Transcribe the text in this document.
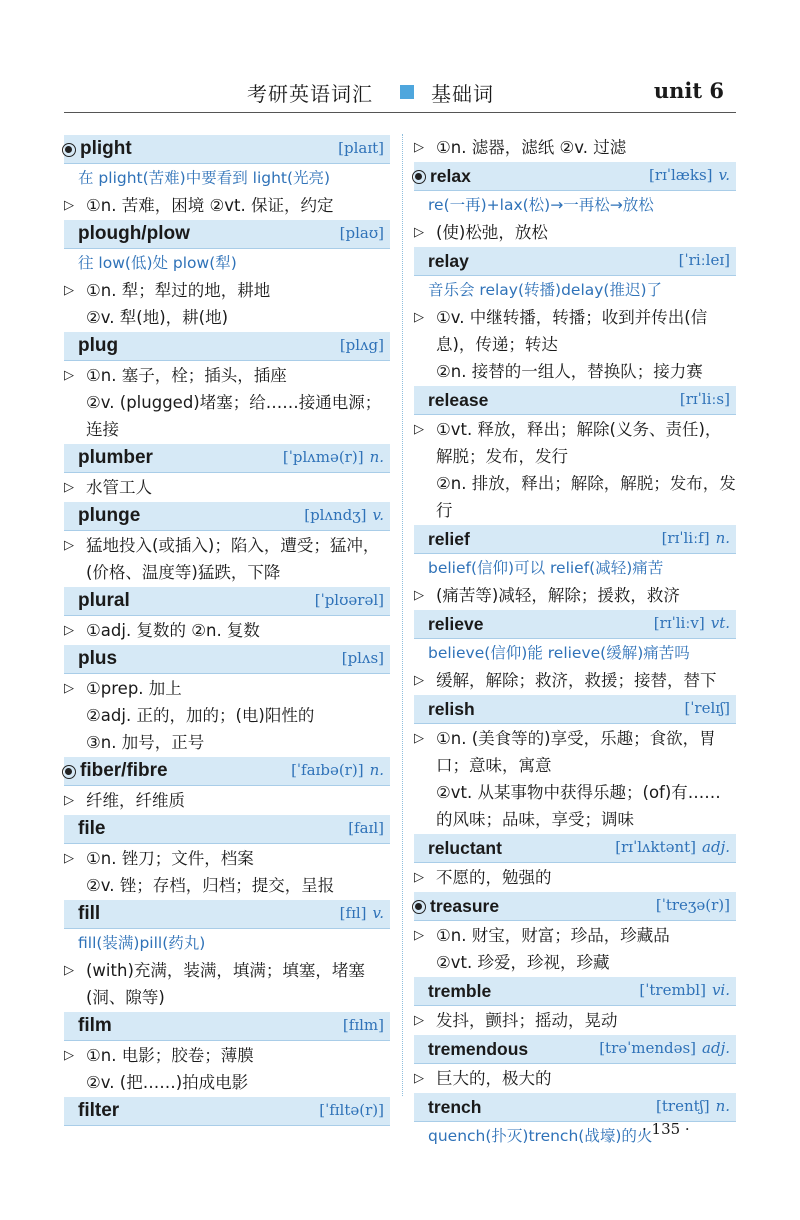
考研英语词汇	基础词	unit 6
plight	[plaɪt]
在 plight(苦难)中要看到 light(光亮)
▷ ①n. 苦难，困境 ②vt. 保证，约定

plough/plow	[plaʊ]
往 low(低)处 plow(犁)
▷ ①n. 犁；犁过的地，耕地

②v. 犁(地)，耕(地)

plug	[plʌg]
▷ ①n. 塞子，栓；插头，插座

②v. (plugged)堵塞；给……接通电源；连接

plumber	[ˈplʌmə(r)] n.
▷ 水管工人

plunge	[plʌndʒ] v.
▷ 猛地投入(或插入)；陷入，遭受；猛冲，(价格、温度等)猛跌，下降

plural	[ˈplʊərəl]
▷ ①adj. 复数的 ②n. 复数

plus	[plʌs]
▷ ①prep. 加上

②adj. 正的，加的；(电)阳性的

③n. 加号，正号

fiber/fibre	[ˈfaɪbə(r)] n.
▷ 纤维，纤维质

file	[faɪl]
▷ ①n. 锉刀；文件，档案

②v. 锉；存档，归档；提交，呈报

fill	[fɪl] v.
fill(装满)pill(药丸)
▷ (with)充满，装满，填满；填塞，堵塞(洞、隙等)

film	[fɪlm]
▷ ①n. 电影；胶卷；薄膜

②v. (把……)拍成电影

filter	[ˈfɪltə(r)]
▷ ①n. 滤器，滤纸 ②v. 过滤

relax	[rɪˈlæks] v.
re(一再)+lax(松)→一再松→放松
▷ (使)松弛，放松

relay	[ˈriːleɪ]
音乐会 relay(转播)delay(推迟)了
▷ ①v. 中继转播，转播；收到并传出(信息)，传递；转达

②n. 接替的一组人，替换队；接力赛

release	[rɪˈliːs]
▷ ①vt. 释放，释出；解除(义务、责任)，解脱；发布，发行

②n. 排放，释出；解除，解脱；发布，发行

relief	[rɪˈliːf] n.
belief(信仰)可以 relief(减轻)痛苦
▷ (痛苦等)减轻，解除；援救，救济

relieve	[rɪˈliːv] vt.
believe(信仰)能 relieve(缓解)痛苦吗
▷ 缓解，解除；救济，救援；接替，替下

relish	[ˈrelɪʃ]
▷ ①n. (美食等的)享受，乐趣；食欲，胃口；意味，寓意

②vt. 从某事物中获得乐趣；(of)有……的风味；品味，享受；调味

reluctant	[rɪˈlʌktənt] adj.
▷ 不愿的，勉强的

treasure	[ˈtreʒə(r)]
▷ ①n. 财宝，财富；珍品，珍藏品

②vt. 珍爱，珍视，珍藏

tremble	[ˈtrembl] vi.
▷ 发抖，颤抖；摇动，晃动

tremendous	[trəˈmendəs] adj.
▷ 巨大的，极大的

trench	[trentʃ] n.
quench(扑灭)trench(战壕)的火
· 135 ·
